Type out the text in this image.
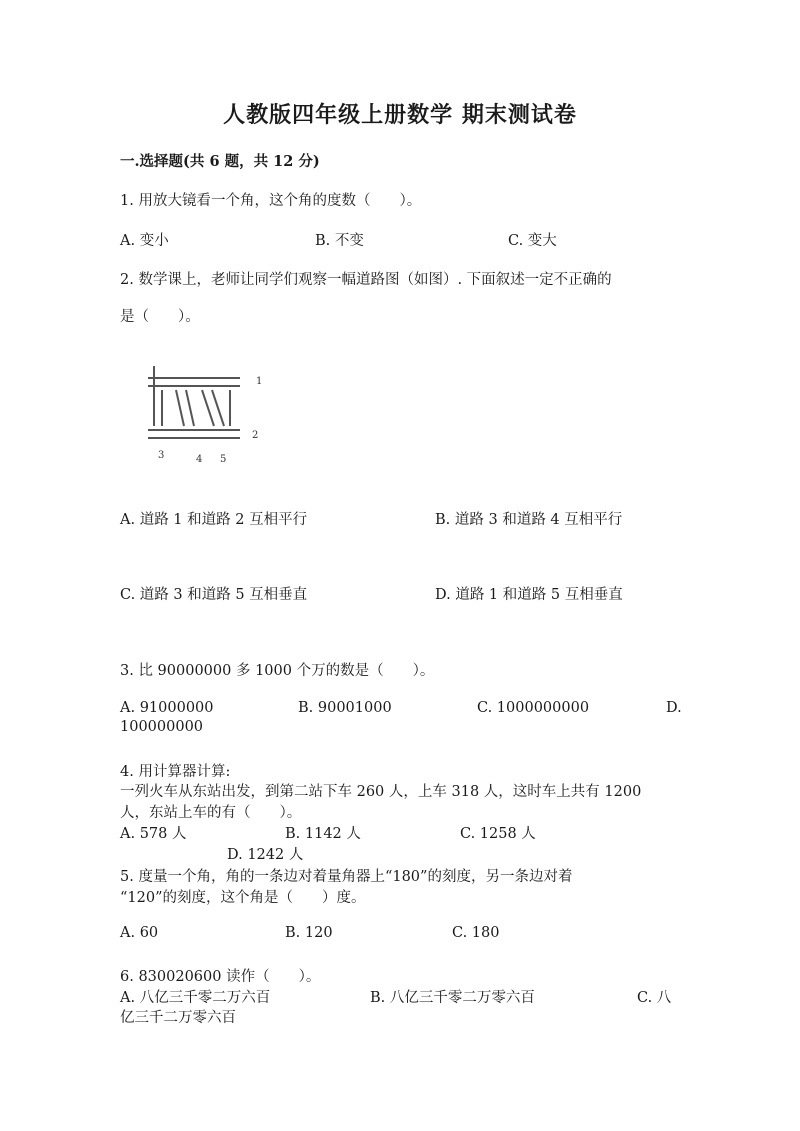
人教版四年级上册数学 期末测试卷
一.选择题(共 6 题，共 12 分)
1. 用放大镜看一个角，这个角的度数（　　）。
A. 变小	B. 不变	C. 变大
2. 数学课上，老师让同学们观察一幅道路图（如图）. 下面叙述一定不正确的
是（　　）。
1
2
3	4 5
A. 道路 1 和道路 2 互相平行	B. 道路 3 和道路 4 互相平行
C. 道路 3 和道路 5 互相垂直	D. 道路 1 和道路 5 互相垂直
3. 比 90000000 多 1000 个万的数是（　　）。
A. 91000000	B. 90001000	C. 1000000000	D.
100000000
4. 用计算器计算:
一列火车从东站出发，到第二站下车 260 人，上车 318 人，这时车上共有 1200
人，东站上车的有（　　）。
A. 578 人	B. 1142 人	C. 1258 人
D. 1242 人
5. 度量一个角，角的一条边对着量角器上“180”的刻度，另一条边对着
“120”的刻度，这个角是（　　）度。
A. 60	B. 120	C. 180
6. 830020600 读作（　　）。
A. 八亿三千零二万六百	B. 八亿三千零二万零六百	C. 八
亿三千二万零六百
